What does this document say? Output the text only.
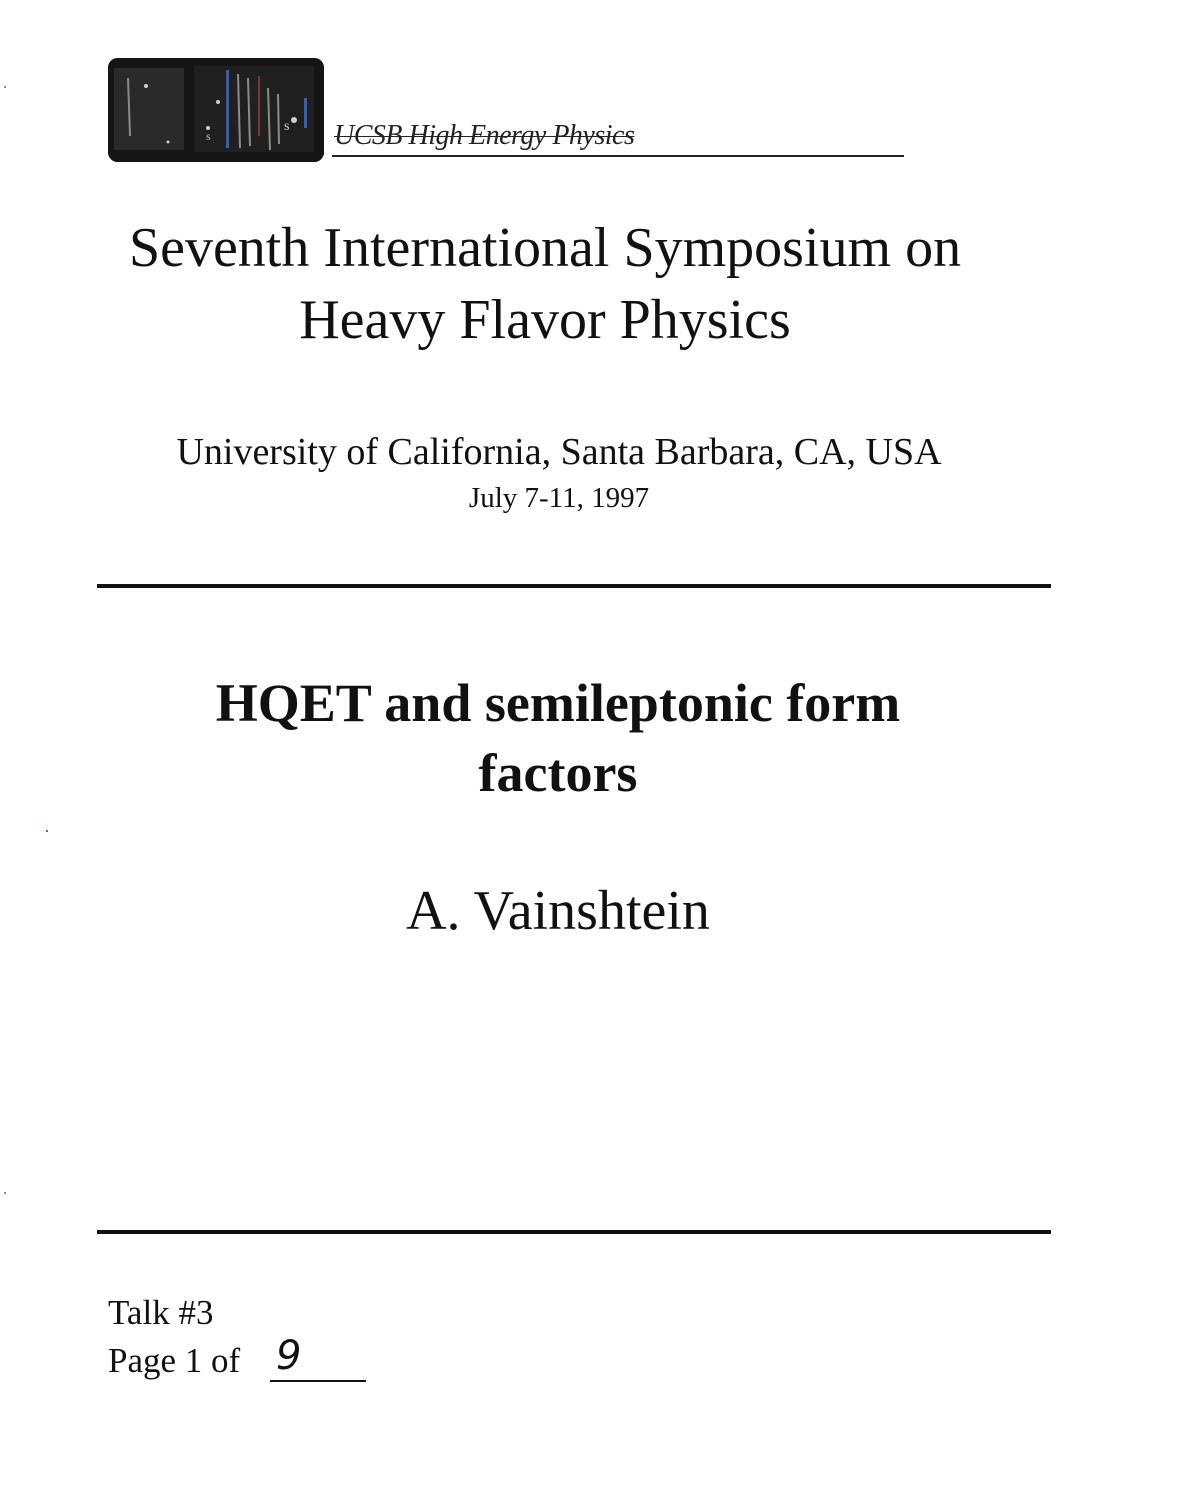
s
s	UCSB High Energy Physics
Seventh International Symposium on
Heavy Flavor Physics
University of California, Santa Barbara, CA, USA
July 7-11, 1997
HQET and semileptonic form
factors
A. Vainshtein
Talk #3
Page 1 of 9
